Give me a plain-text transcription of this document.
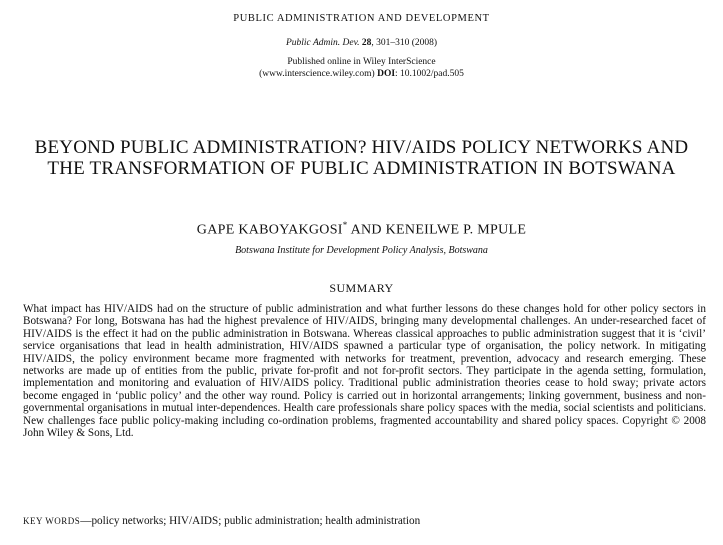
PUBLIC ADMINISTRATION AND DEVELOPMENT
Public Admin. Dev. 28, 301–310 (2008)
Published online in Wiley InterScience
(www.interscience.wiley.com) DOI: 10.1002/pad.505
BEYOND PUBLIC ADMINISTRATION? HIV/AIDS POLICY NETWORKS AND THE TRANSFORMATION OF PUBLIC ADMINISTRATION IN BOTSWANA
GAPE KABOYAKGOSI* AND KENEILWE P. MPULE
Botswana Institute for Development Policy Analysis, Botswana
SUMMARY

What impact has HIV/AIDS had on the structure of public administration and what further lessons do these changes hold for other policy sectors in Botswana? For long, Botswana has had the highest prevalence of HIV/AIDS, bringing many developmental challenges. An under-researched facet of HIV/AIDS is the effect it had on the public administration in Botswana. Whereas classical approaches to public administration suggest that it is ‘civil’ service organisations that lead in health administration, HIV/AIDS spawned a particular type of organisation, the policy network. In mitigating HIV/AIDS, the policy environment became more fragmented with networks for treatment, prevention, advocacy and research emerging. These networks are made up of entities from the public, private for-profit and not for-profit sectors. They participate in the agenda setting, formulation, implementation and monitoring and evaluation of HIV/AIDS policy. Traditional public administration theories cease to hold sway; private actors become engaged in ‘public policy’ and the other way round. Policy is carried out in horizontal arrangements; linking government, business and non-governmental organisations in mutual inter-dependences. Health care professionals share policy spaces with the media, social scientists and politicians. New challenges face public policy-making including co-ordination problems, fragmented accountability and shared policy spaces. Copyright © 2008 John Wiley & Sons, Ltd.

KEY WORDS—policy networks; HIV/AIDS; public administration; health administration
